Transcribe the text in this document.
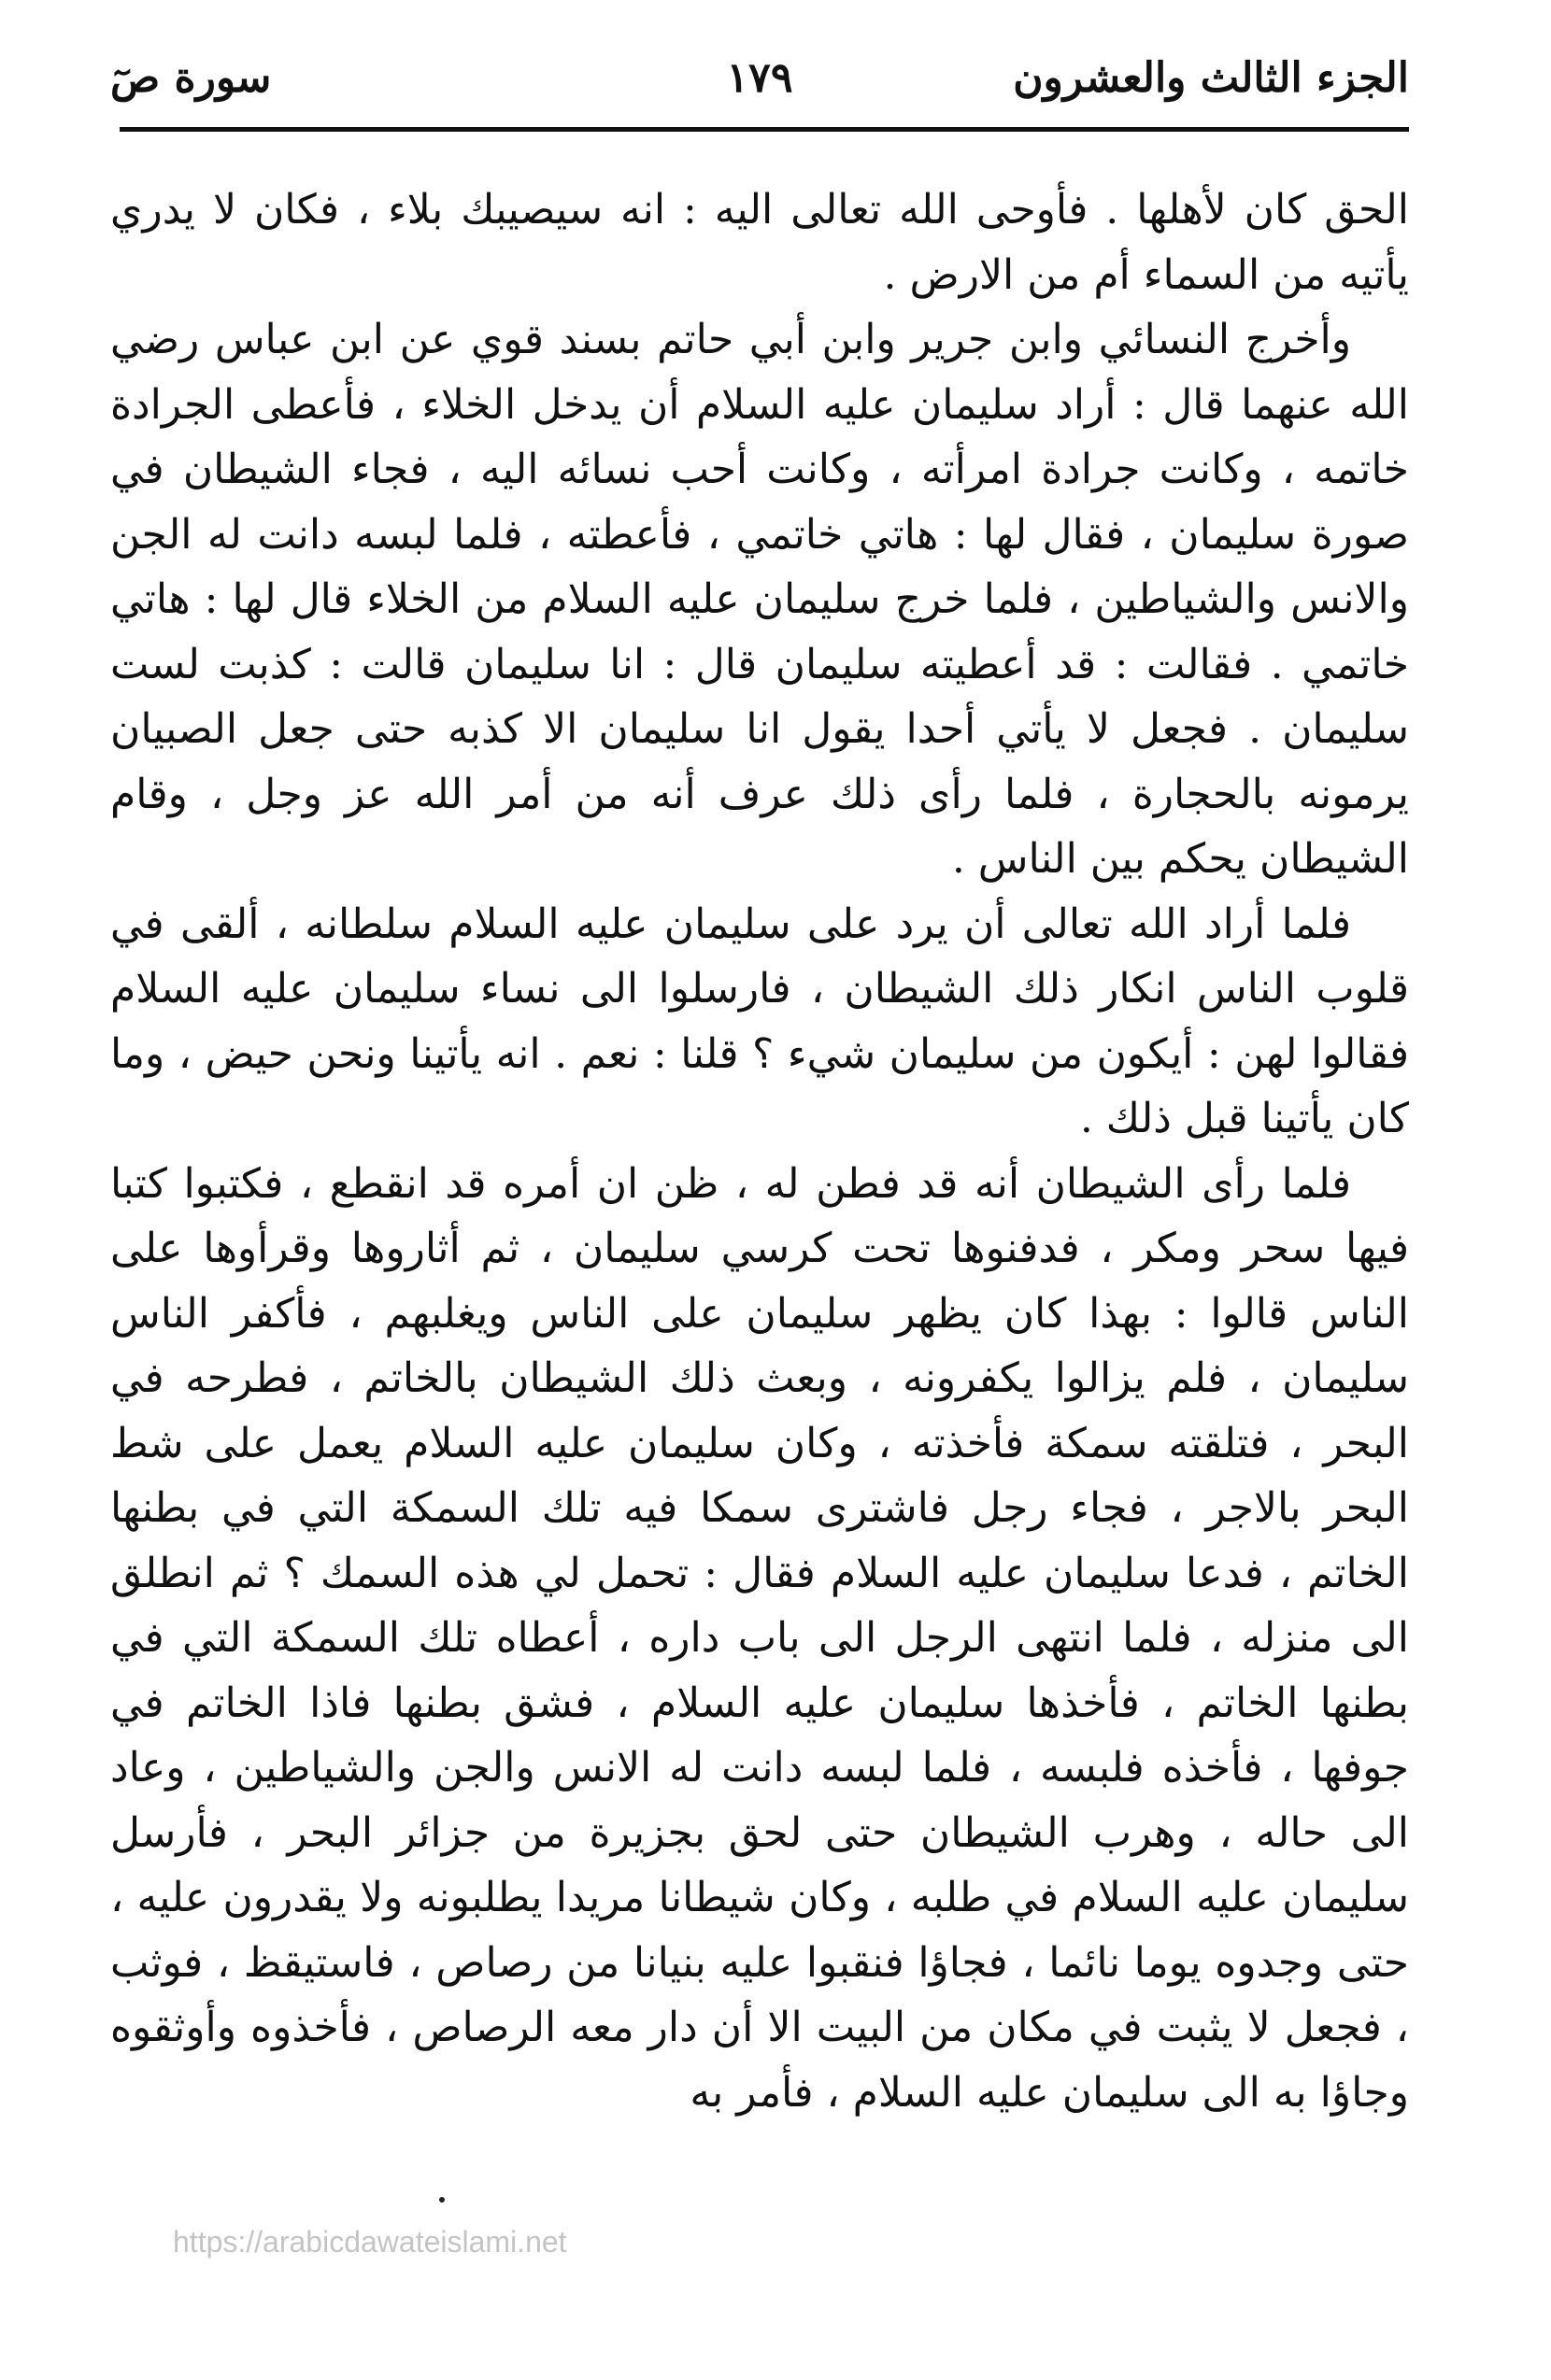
الجزء الثالث والعشرون
١٧٩
سورة صٓ

الحق كان لأهلها . فأوحى الله تعالى اليه : انه سيصيبك بلاء ، فكان لا يدري يأتيه من السماء أم من الارض .

وأخرج النسائي وابن جرير وابن أبي حاتم بسند قوي عن ابن عباس رضي الله عنهما قال : أراد سليمان عليه السلام أن يدخل الخلاء ، فأعطى الجرادة خاتمه ، وكانت جرادة امرأته ، وكانت أحب نسائه اليه ، فجاء الشيطان في صورة سليمان ، فقال لها : هاتي خاتمي ، فأعطته ، فلما لبسه دانت له الجن والانس والشياطين ، فلما خرج سليمان عليه السلام من الخلاء قال لها : هاتي خاتمي . فقالت : قد أعطيته سليمان قال : انا سليمان قالت : كذبت لست سليمان . فجعل لا يأتي أحدا يقول انا سليمان الا كذبه حتى جعل الصبيان يرمونه بالحجارة ، فلما رأى ذلك عرف أنه من أمر الله عز وجل ، وقام الشيطان يحكم بين الناس .

فلما أراد الله تعالى أن يرد على سليمان عليه السلام سلطانه ، ألقى في قلوب الناس انكار ذلك الشيطان ، فارسلوا الى نساء سليمان عليه السلام فقالوا لهن : أيكون من سليمان شيء ؟ قلنا : نعم . انه يأتينا ونحن حيض ، وما كان يأتينا قبل ذلك .

فلما رأى الشيطان أنه قد فطن له ، ظن ان أمره قد انقطع ، فكتبوا كتبا فيها سحر ومكر ، فدفنوها تحت كرسي سليمان ، ثم أثاروها وقرأوها على الناس قالوا : بهذا كان يظهر سليمان على الناس ويغلبهم ، فأكفر الناس سليمان ، فلم يزالوا يكفرونه ، وبعث ذلك الشيطان بالخاتم ، فطرحه في البحر ، فتلقته سمكة فأخذته ، وكان سليمان عليه السلام يعمل على شط البحر بالاجر ، فجاء رجل فاشترى سمكا فيه تلك السمكة التي في بطنها الخاتم ، فدعا سليمان عليه السلام فقال : تحمل لي هذه السمك ؟ ثم انطلق الى منزله ، فلما انتهى الرجل الى باب داره ، أعطاه تلك السمكة التي في بطنها الخاتم ، فأخذها سليمان عليه السلام ، فشق بطنها فاذا الخاتم في جوفها ، فأخذه فلبسه ، فلما لبسه دانت له الانس والجن والشياطين ، وعاد الى حاله ، وهرب الشيطان حتى لحق بجزيرة من جزائر البحر ، فأرسل سليمان عليه السلام في طلبه ، وكان شيطانا مريدا يطلبونه ولا يقدرون عليه ، حتى وجدوه يوما نائما ، فجاؤا فنقبوا عليه بنيانا من رصاص ، فاستيقظ ، فوثب ، فجعل لا يثبت في مكان من البيت الا أن دار معه الرصاص ، فأخذوه وأوثقوه وجاؤا به الى سليمان عليه السلام ، فأمر به

https://arabicdawateislami.net
